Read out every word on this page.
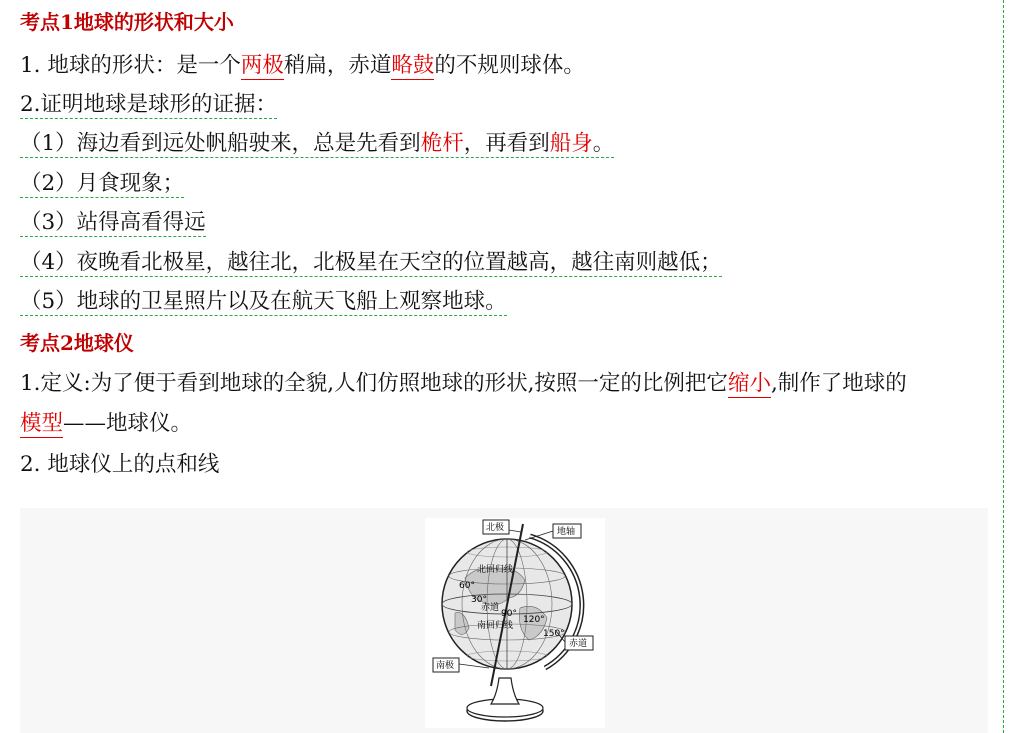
考点1地球的形状和大小
1. 地球的形状：是一个两极稍扁，赤道略鼓的不规则球体。
2.证明地球是球形的证据：
（1）海边看到远处帆船驶来，总是先看到桅杆，再看到船身。
（2）月食现象；
（3）站得高看得远
（4）夜晚看北极星，越往北，北极星在天空的位置越高，越往南则越低；
（5）地球的卫星照片以及在航天飞船上观察地球。
考点2地球仪
1.定义:为了便于看到地球的全貌,人们仿照地球的形状,按照一定的比例把它缩小,制作了地球的
模型——地球仪。
2. 地球仪上的点和线
北回归线
赤道
南回归线
90°
60°
30°
120°
150°
北极	地轴
赤道
南极
